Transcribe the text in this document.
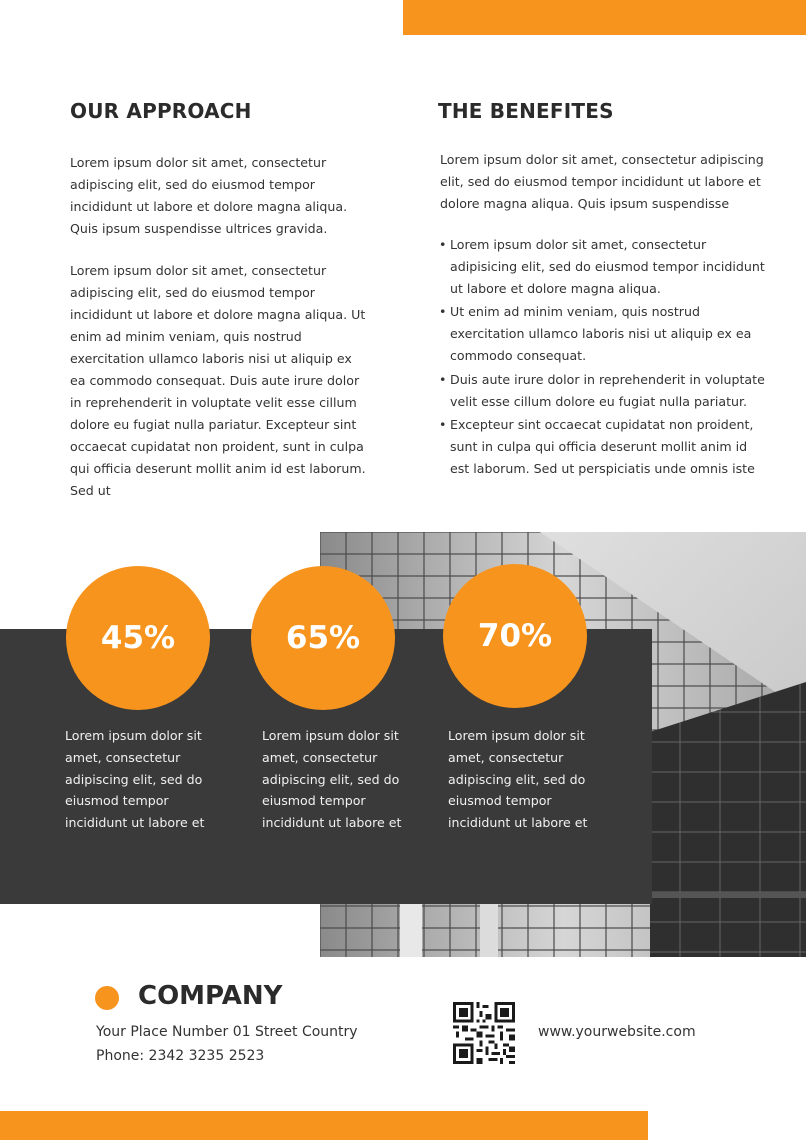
OUR APPROACH

Lorem ipsum dolor sit amet, consectetur adipiscing elit, sed do eiusmod tempor incididunt ut labore et dolore magna aliqua. Quis ipsum suspendisse ultrices gravida.

Lorem ipsum dolor sit amet, consectetur adipiscing elit, sed do eiusmod tempor incididunt ut labore et dolore magna aliqua. Ut enim ad minim veniam, quis nostrud exercitation ullamco laboris nisi ut aliquip ex ea commodo consequat. Duis aute irure dolor in reprehenderit in voluptate velit esse cillum dolore eu fugiat nulla pariatur. Excepteur sint occaecat cupidatat non proident, sunt in culpa qui officia deserunt mollit anim id est laborum. Sed ut

THE BENEFITES

Lorem ipsum dolor sit amet, consectetur adipiscing elit, sed do eiusmod tempor incididunt ut labore et dolore magna aliqua. Quis ipsum suspendisse

• Lorem ipsum dolor sit amet, consectetur adipisicing elit, sed do eiusmod tempor incididunt ut labore et dolore magna aliqua.
• Ut enim ad minim veniam, quis nostrud exercitation ullamco laboris nisi ut aliquip ex ea commodo consequat.
• Duis aute irure dolor in reprehenderit in voluptate velit esse cillum dolore eu fugiat nulla pariatur.
• Excepteur sint occaecat cupidatat non proident, sunt in culpa qui officia deserunt mollit anim id est laborum. Sed ut perspiciatis unde omnis iste
45%	65%	70%

Lorem ipsum dolor sit amet, consectetur adipiscing elit, sed do eiusmod tempor incididunt ut labore et

Lorem ipsum dolor sit amet, consectetur adipiscing elit, sed do eiusmod tempor incididunt ut labore et

Lorem ipsum dolor sit amet, consectetur adipiscing elit, sed do eiusmod tempor incididunt ut labore et

COMPANY

Your Place Number 01 Street Country

Phone: 2342 3235 2523

www.yourwebsite.com
